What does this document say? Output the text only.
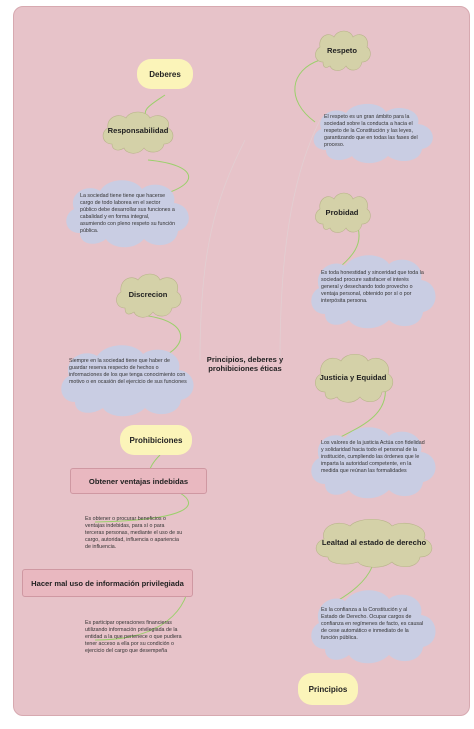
Deberes
Responsabilidad
La sociedad tiene tiene que hacerse cargo de todo laborea en el sector público debe desarrollar sus funciones a cabalidad y en forma integral, asumiendo con pleno respeto su función pública.
Discrecion
Siempre en la sociedad tiene que haber de guardar reserva respecto de hechos o informaciones de los que tenga conocimiento con motivo o en ocasión del ejercicio de sus funciones
Principios, deberes y prohibiciones éticas
Prohibiciones
Obtener ventajas indebidas
Es obtener o procurar beneficios o ventajas indebidas, para sí o para terceras personas, mediante el uso de su cargo, autoridad, influencia o apariencia de influencia.
Hacer mal uso de información privilegiada
Es participar operaciones financieras utilizando información privilegiada de la entidad a la que pertenece o que pudiera tener acceso a ella por su condición o ejercicio del cargo que desempeña
Respeto
El respeto es un gran ámbito para la sociedad sobre la conducta a hacia el respeto de la Constitución y las leyes, garantizando que en todas las fases del proceso.
Probidad
Es toda honestidad y sinceridad que toda la sociedad procure satisfacer el interés general y desechando todo provecho o ventaja personal, obtenido por sí o por interpósita persona.
Justicia y Equidad
Los valores de la justicia Actúa con fidelidad y solidaridad hacia todo el personal de la institución, cumpliendo las órdenes que le imparta la autoridad competente, en la medida que reúnan las formalidades
Lealtad al estado de derecho
Es la confianza a la Constitución y al Estado de Derecho. Ocupar cargos de confianza en regímenes de facto, es causal de cese automático e inmediato de la función pública.
Principios
